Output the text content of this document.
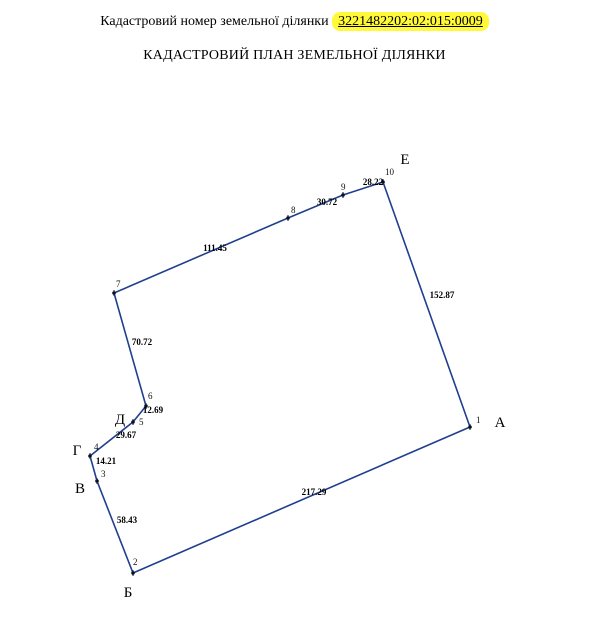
Кадастровий номер земельної ділянки 3221482202:02:015:0009
КАДАСТРОВИЙ ПЛАН ЗЕМЕЛЬНОЇ ДІЛЯНКИ
1
2
3
4
5
6
7
8
9
10
А
Б
В
Г
Д
Е
217.29
58.43
14.21
29.67
12.69
70.72
111.45
30.72
28.22
152.87
